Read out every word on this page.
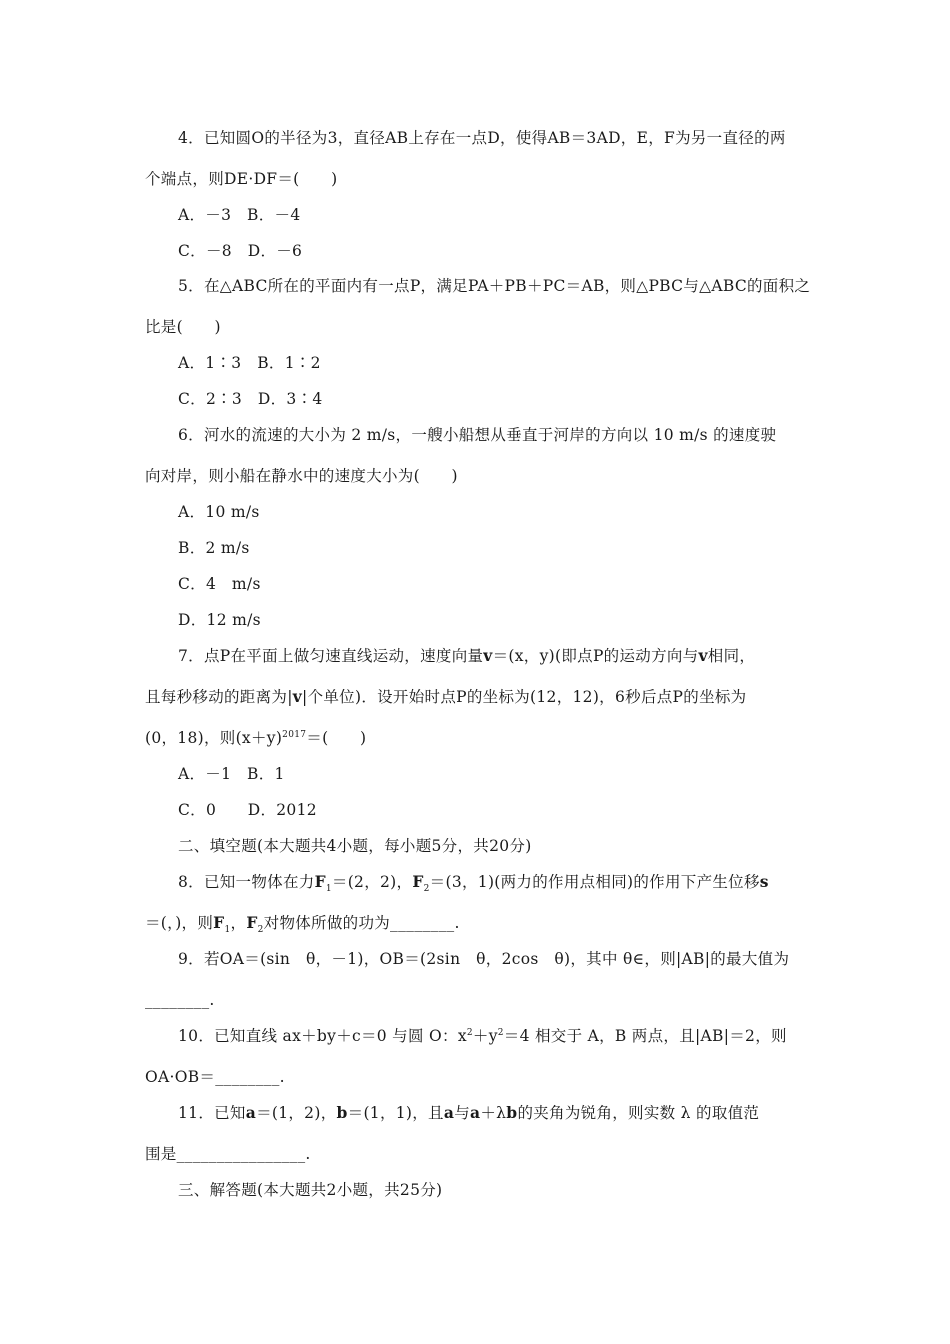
4．已知圆O的半径为3，直径AB上存在一点D，使得AB＝3AD，E，F为另一直径的两
个端点，则DE·DF＝(　　)
A．－3　B．－4
C．－8　D．－6
5．在△ABC所在的平面内有一点P，满足PA＋PB＋PC＝AB，则△PBC与△ABC的面积之
比是(　　)
A．1∶3　B．1∶2
C．2∶3　D．3∶4
6．河水的流速的大小为 2 m/s，一艘小船想从垂直于河岸的方向以 10 m/s 的速度驶
向对岸，则小船在静水中的速度大小为(　　)
A．10 m/s
B．2 m/s
C．4　m/s
D．12 m/s
7．点P在平面上做匀速直线运动，速度向量v＝(x，y)(即点P的运动方向与v相同，
且每秒移动的距离为|v|个单位)．设开始时点P的坐标为(12，12)，6秒后点P的坐标为
(0，18)，则$(x+y)^{2017}=$(　　)
A．－1　B．1
C．0　　D．2012
二、填空题(本大题共4小题，每小题5分，共20分)
8．已知一物体在力$F_1=(2$，2)，$F_2=(3$，1)(两力的作用点相同)的作用下产生位移s
＝(，)，则$F_1$，$F_2$对物体所做的功为________.
9．若OA＝(sin　θ，－1)，OB＝(2sin　θ，2cos　θ)，其中 θ∈，则|AB|的最大值为
________.
10．已知直线 ax＋by＋c＝0 与圆 O：$x^2+y^2=4$ 相交于 A，B 两点，且|AB|＝2，则
OA·OB＝________.
11．已知a＝(1，2)，b＝(1，1)，且a与a＋λb的夹角为锐角，则实数 λ 的取值范
围是________________.
三、解答题(本大题共2小题，共25分)
